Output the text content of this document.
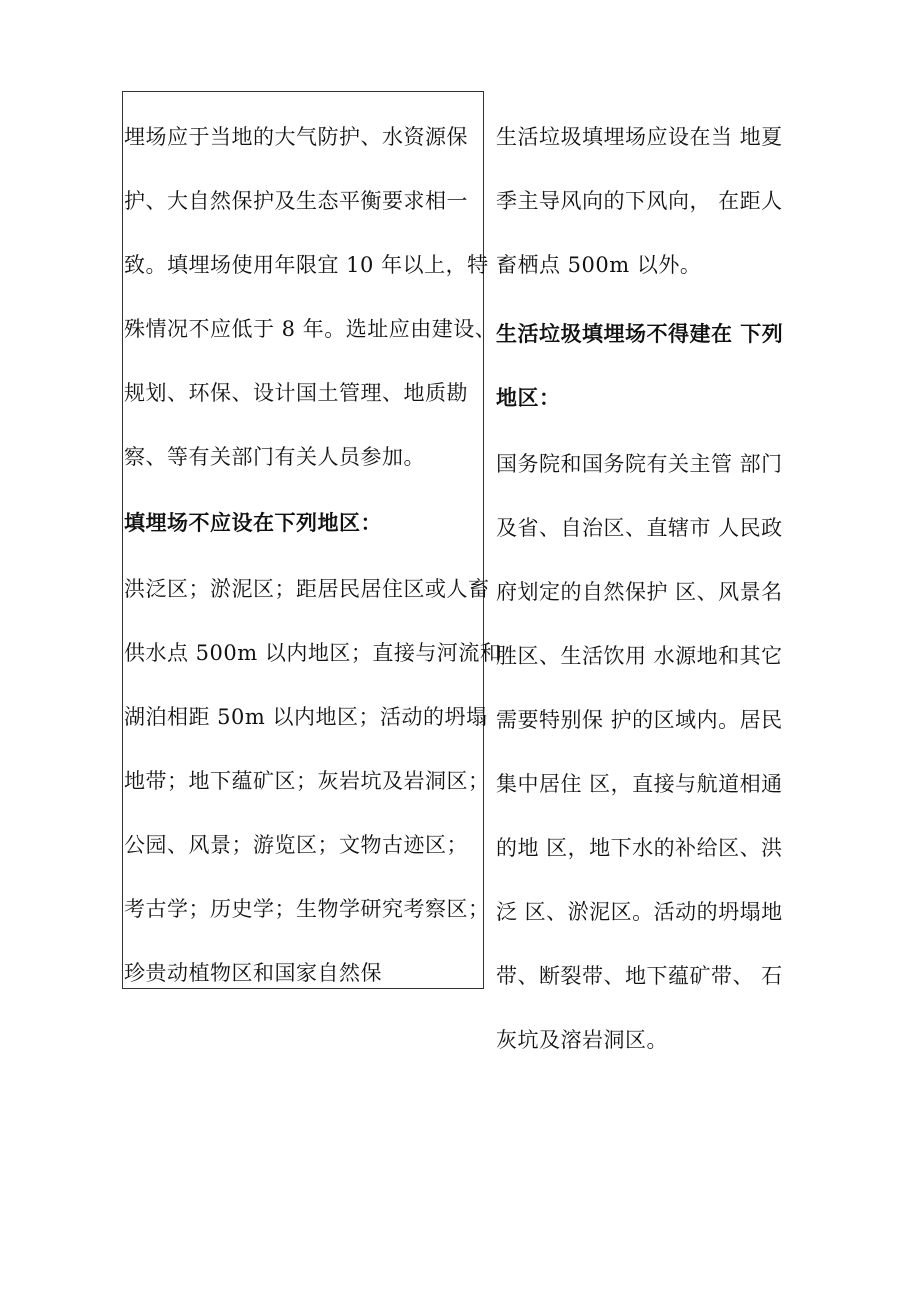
埋场应于当地的大气防护、水资源保
护、大自然保护及生态平衡要求相一
致。填埋场使用年限宜 10 年以上，特
殊情况不应低于 8 年。选址应由建设、
规划、环保、设计国土管理、地质勘
察、等有关部门有关人员参加。
填埋场不应设在下列地区：
洪泛区；淤泥区；距居民居住区或人畜
供水点 500m 以内地区；直接与河流和
湖泊相距 50m 以内地区；活动的坍塌
地带；地下蕴矿区；灰岩坑及岩洞区；
公园、风景；游览区；文物古迹区；
考古学；历史学；生物学研究考察区；
珍贵动植物区和国家自然保
生活垃圾填埋场应设在当 地夏
季主导风向的下风向， 在距人
畜栖点 500m 以外。
生活垃圾填埋场不得建在 下列
地区：
国务院和国务院有关主管 部门
及省、自治区、直辖市 人民政
府划定的自然保护 区、风景名
胜区、生活饮用 水源地和其它
需要特别保 护的区域内。居民
集中居住 区，直接与航道相通
的地 区，地下水的补给区、洪
泛 区、淤泥区。活动的坍塌地
带、断裂带、地下蕴矿带、 石
灰坑及溶岩洞区。
